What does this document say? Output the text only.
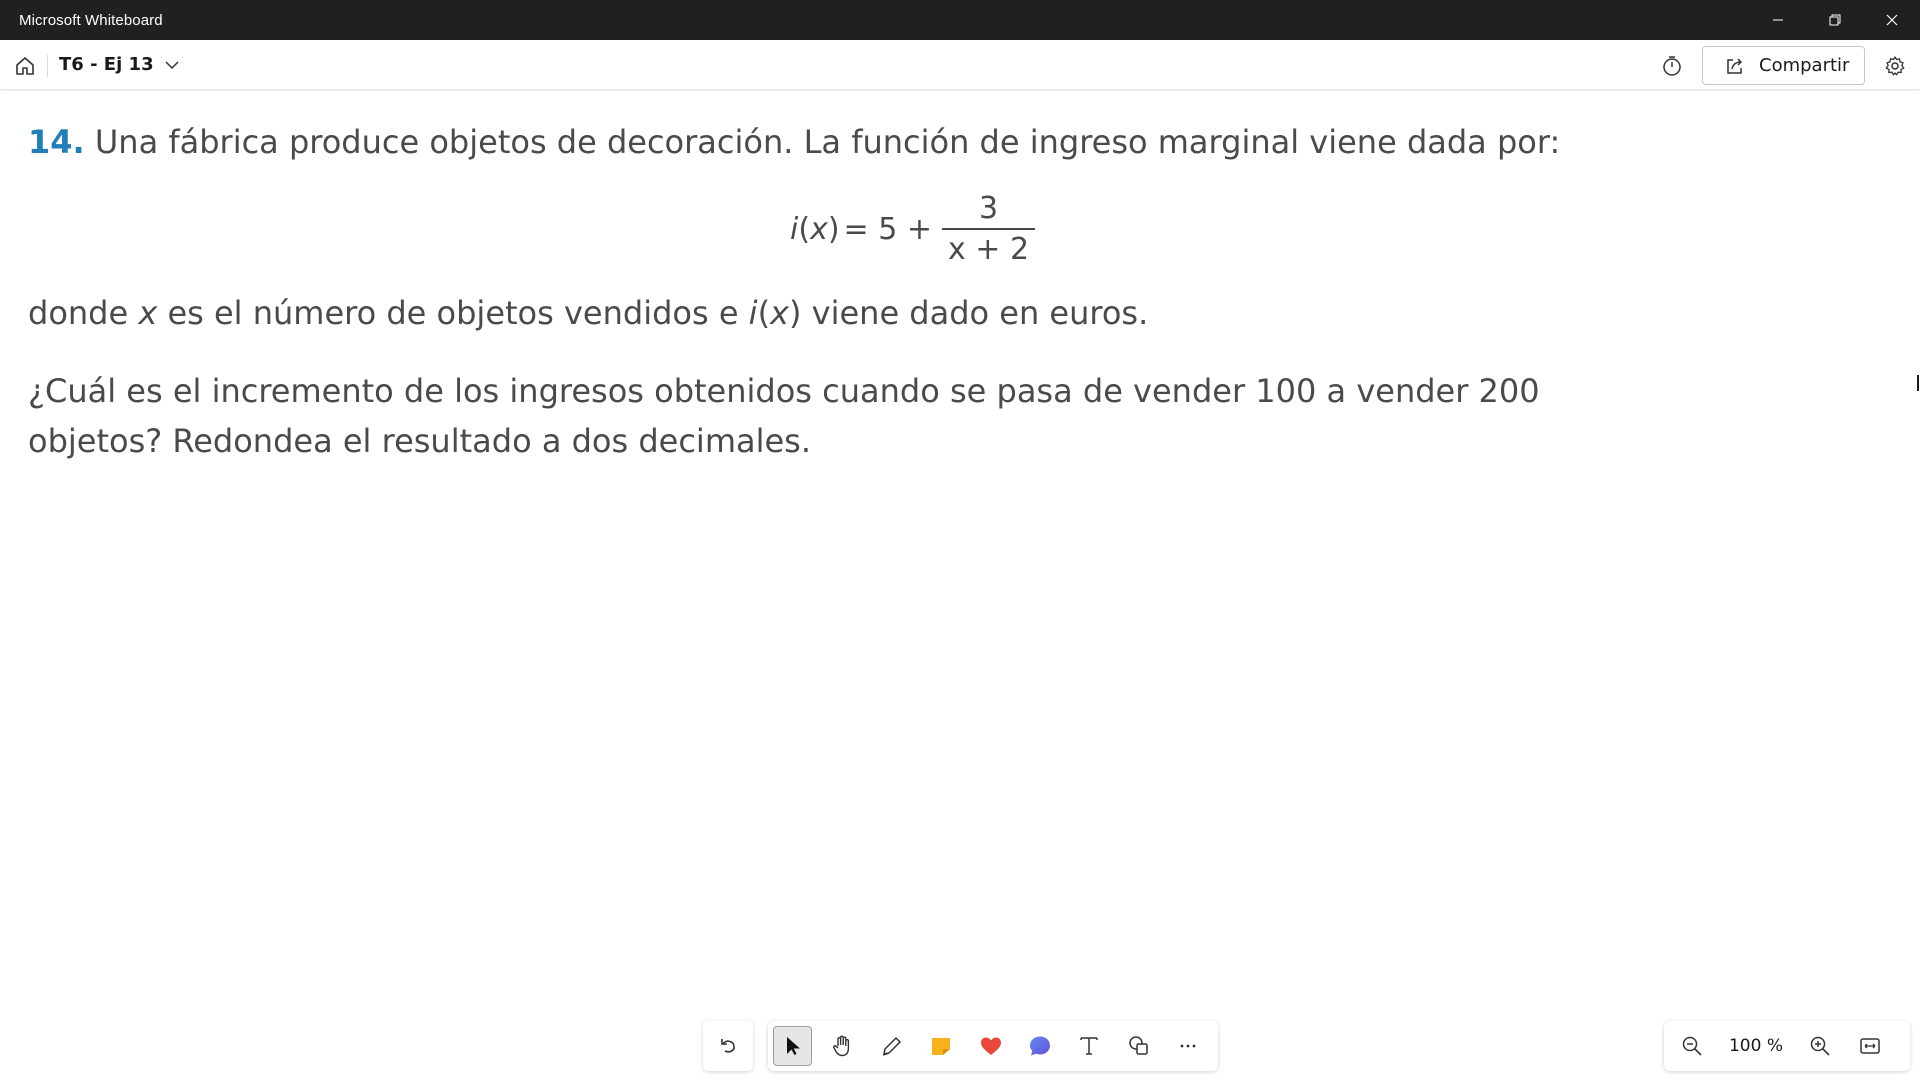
Microsoft Whiteboard
T6 - Ej 13	Compartir
14. Una fábrica produce objetos de decoración. La función de ingreso marginal viene dada por:
i ( x ) = $5 + \frac{3}{x + 2}$
donde x es el número de objetos vendidos e i(x) viene dado en euros.
¿Cuál es el incremento de los ingresos obtenidos cuando se pasa de vender 100 a vender 200
objetos? Redondea el resultado a dos decimales.
100 %
